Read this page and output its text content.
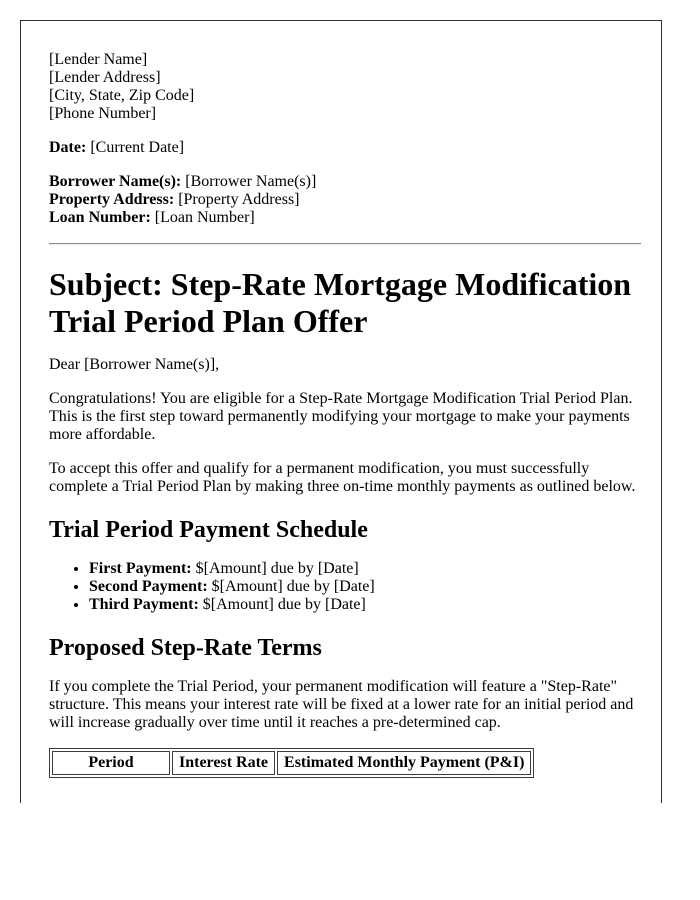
[Lender Name]
[Lender Address]
[City, State, Zip Code]
[Phone Number]

Date: [Current Date]

Borrower Name(s): [Borrower Name(s)]
Property Address: [Property Address]
Loan Number: [Loan Number]

Subject: Step-Rate Mortgage Modification Trial Period Plan Offer

Dear [Borrower Name(s)],

Congratulations! You are eligible for a Step-Rate Mortgage Modification Trial Period Plan. This is the first step toward permanently modifying your mortgage to make your payments more affordable.

To accept this offer and qualify for a permanent modification, you must successfully complete a Trial Period Plan by making three on-time monthly payments as outlined below.

Trial Period Payment Schedule
• First Payment: $[Amount] due by [Date]
• Second Payment: $[Amount] due by [Date]
• Third Payment: $[Amount] due by [Date]
Proposed Step-Rate Terms

If you complete the Trial Period, your permanent modification will feature a "Step-Rate" structure. This means your interest rate will be fixed at a lower rate for an initial period and will increase gradually over time until it reaches a pre-determined cap.

Period	Interest Rate	Estimated Monthly Payment (P&I)
